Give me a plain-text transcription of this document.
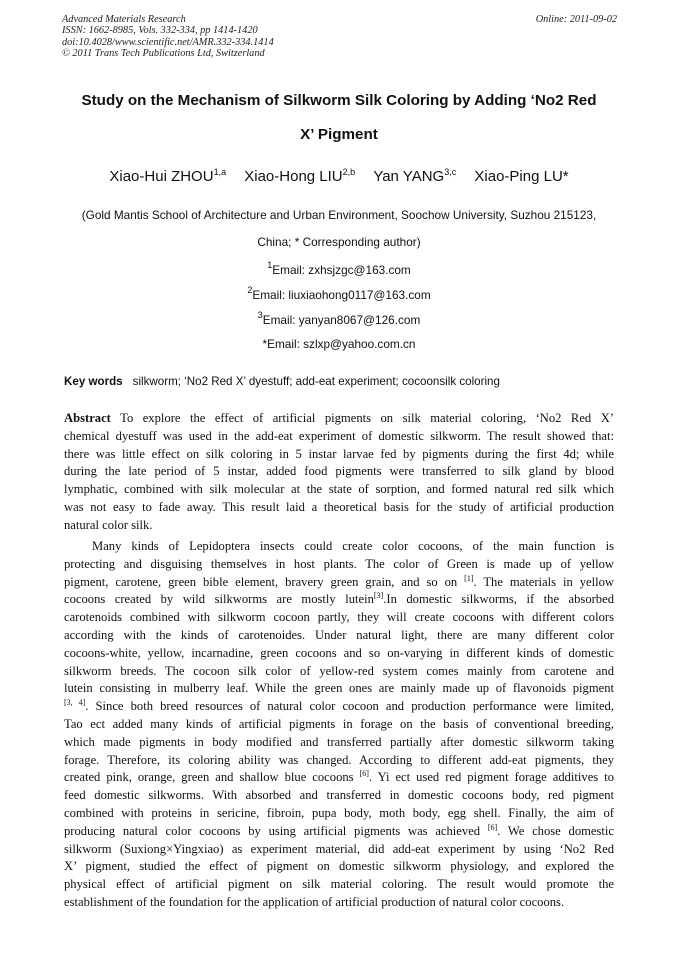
Advanced Materials Research
ISSN: 1662-8985, Vols. 332-334, pp 1414-1420
doi:10.4028/www.scientific.net/AMR.332-334.1414
© 2011 Trans Tech Publications Ltd, Switzerland
Online: 2011-09-02
Study on the Mechanism of Silkworm Silk Coloring by Adding ‘No2 Red
X’ Pigment
Xiao-Hui ZHOU$^{1,a}$ Xiao-Hong LIU$^{2,b}$ Yan YANG$^{3,c}$ Xiao-Ping LU*
(Gold Mantis School of Architecture and Urban Environment, Soochow University, Suzhou 215123,
China; * Corresponding author)
$^1$Email: zxhsjzgc@163.com
$^2$Email: liuxiaohong0117@163.com
$^3$Email: yanyan8067@126.com
*Email: szlxp@yahoo.com.cn
Key words silkworm; ‘No2 Red X’ dyestuff; add-eat experiment; cocoonsilk coloring
Abstract To explore the effect of artificial pigments on silk material coloring, ‘No2 Red X’
chemical dyestuff was used in the add-eat experiment of domestic silkworm. The result showed that:
there was little effect on silk coloring in 5 instar larvae fed by pigments during the first 4d; while
during the late period of 5 instar, added food pigments were transferred to silk gland by blood
lymphatic, combined with silk molecular at the state of sorption, and formed natural red silk which
was not easy to fade away. This result laid a theoretical basis for the study of artificial production
natural color silk.
Many kinds of Lepidoptera insects could create color cocoons, of the main function is
protecting and disguising themselves in host plants. The color of Green is made up of yellow
pigment, carotene, green bible element, bravery green grain, and so on [1]. The materials in yellow
cocoons created by wild silkworms are mostly lutein[3].In domestic silkworms, if the absorbed
carotenoids combined with silkworm cocoon partly, they will create cocoons with different colors
according with the kinds of carotenoides. Under natural light, there are many different color
cocoons-white, yellow, incarnadine, green cocoons and so on-varying in different kinds of domestic
silkworm breeds. The cocoon silk color of yellow-red system comes mainly from carotene and
lutein consisting in mulberry leaf. While the green ones are mainly made up of flavonoids pigment
[3, 4]. Since both breed resources of natural color cocoon and production performance were limited,
Tao ect added many kinds of artificial pigments in forage on the basis of conventional breeding,
which made pigments in body modified and transferred partially after domestic silkworm taking
forage. Therefore, its coloring ability was changed. According to different add-eat pigments, they
created pink, orange, green and shallow blue cocoons [6]. Yi ect used red pigment forage additives to
feed domestic silkworms. With absorbed and transferred in domestic cocoons body, red pigment
combined with proteins in sericine, fibroin, pupa body, moth body, egg shell. Finally, the aim of
producing natural color cocoons by using artificial pigments was achieved [6]. We chose domestic
silkworm (Suxiong×Yingxiao) as experiment material, did add-eat experiment by using ‘No2 Red
X’ pigment, studied the effect of pigment on domestic silkworm physiology, and explored the
physical effect of artificial pigment on silk material coloring. The result would promote the
establishment of the foundation for the application of artificial production of natural color cocoons.
